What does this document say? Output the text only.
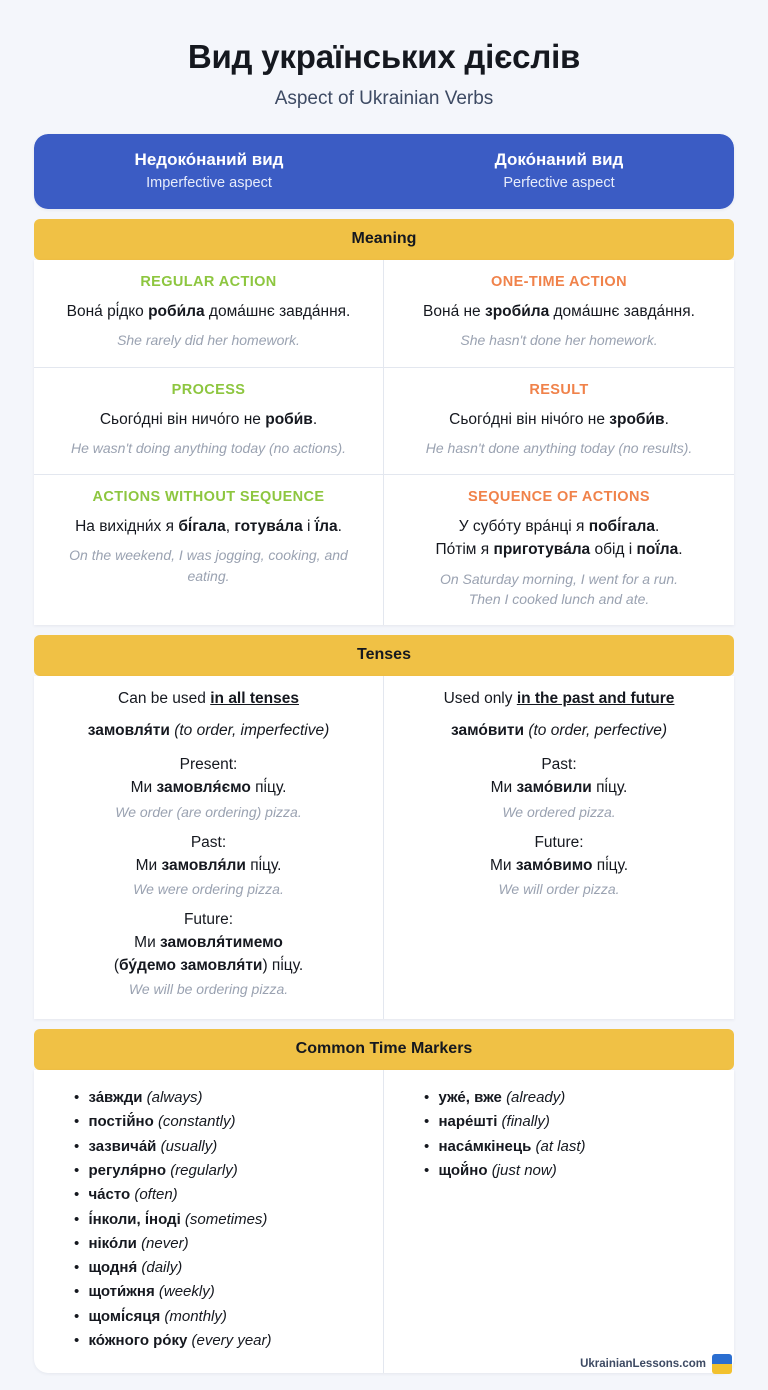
Вид українських дієслів
Aspect of Ukrainian Verbs
Недоко́наний вид
Imperfective aspect
Доко́наний вид
Perfective aspect
Meaning
REGULAR ACTION
Вона́ рі́дко роби́ла дома́шнє завда́ння.
She rarely did her homework.
ONE-TIME ACTION
Вона́ не зроби́ла дома́шнє завда́ння.
She hasn't done her homework.
PROCESS
Сього́дні він ничо́го не роби́в.
He wasn't doing anything today (no actions).
RESULT
Сього́дні він нічо́го не зроби́в.
He hasn't done anything today (no results).
ACTIONS WITHOUT SEQUENCE
На вихідни́х я бі́гала, готува́ла і ї́ла.
On the weekend, I was jogging, cooking, and eating.
SEQUENCE OF ACTIONS
У субо́ту вра́нці я побі́гала.
По́тім я приготува́ла обід і пої́ла.
On Saturday morning, I went for a run.
Then I cooked lunch and ate.
Tenses
Can be used in all tenses
замовля́ти (to order, imperfective)
Present:
Ми замовля́ємо пі́цу.
We order (are ordering) pizza.
Past:
Ми замовля́ли пі́цу.
We were ordering pizza.
Future:
Ми замовля́тимемо
(бу́демо замовля́ти) пі́цу.
We will be ordering pizza.
Used only in the past and future
замо́вити (to order, perfective)
Past:
Ми замо́вили пі́цу.
We ordered pizza.
Future:
Ми замо́вимо пі́цу.
We will order pizza.
Common Time Markers
• за́вжди (always)
• постій́но (constantly)
• зазвича́й (usually)
• регуля́рно (regularly)
• ча́сто (often)
• і́нколи, і́ноді (sometimes)
• ніко́ли (never)
• щодня́ (daily)
• щоти́жня (weekly)
• щомі́сяця (monthly)
• ко́жного ро́ку (every year)
• уже́, вже (already)
• наре́шті (finally)
• наса́мкінець (at last)
• щой́но (just now)
UkrainianLessons.com
